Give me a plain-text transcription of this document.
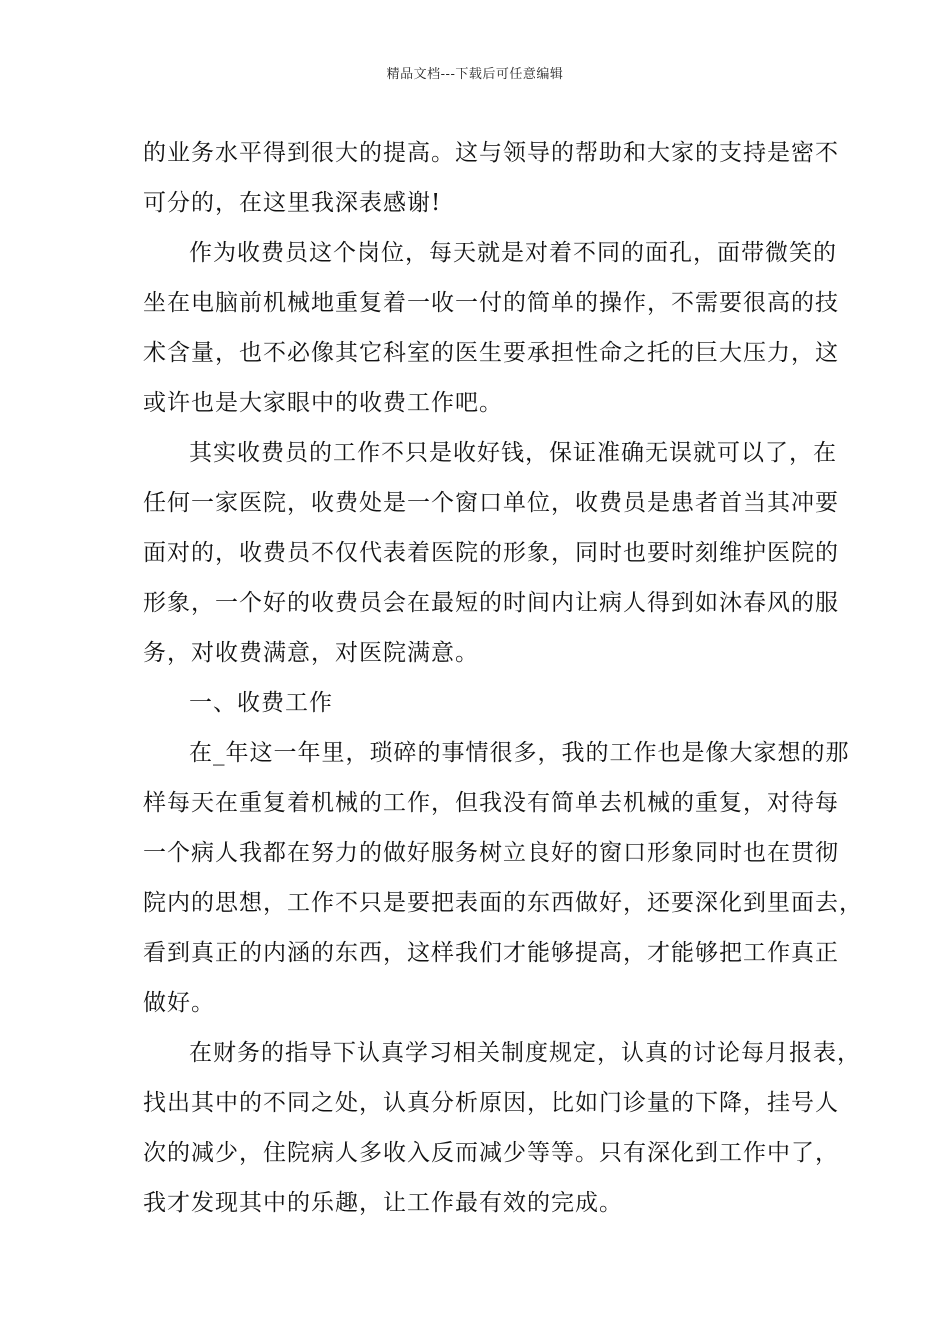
精品文档---下载后可任意编辑
的业务水平得到很大的提高。这与领导的帮助和大家的支持是密不
可分的，在这里我深表感谢!
作为收费员这个岗位，每天就是对着不同的面孔，面带微笑的
坐在电脑前机械地重复着一收一付的简单的操作，不需要很高的技
术含量，也不必像其它科室的医生要承担性命之托的巨大压力，这
或许也是大家眼中的收费工作吧。
其实收费员的工作不只是收好钱，保证准确无误就可以了，在
任何一家医院，收费处是一个窗口单位，收费员是患者首当其冲要
面对的，收费员不仅代表着医院的形象，同时也要时刻维护医院的
形象，一个好的收费员会在最短的时间内让病人得到如沐春风的服
务，对收费满意，对医院满意。
一、收费工作
在_年这一年里，琐碎的事情很多，我的工作也是像大家想的那
样每天在重复着机械的工作，但我没有简单去机械的重复，对待每
一个病人我都在努力的做好服务树立良好的窗口形象同时也在贯彻
院内的思想，工作不只是要把表面的东西做好，还要深化到里面去，
看到真正的内涵的东西，这样我们才能够提高，才能够把工作真正
做好。
在财务的指导下认真学习相关制度规定，认真的讨论每月报表，
找出其中的不同之处，认真分析原因，比如门诊量的下降，挂号人
次的减少，住院病人多收入反而减少等等。只有深化到工作中了，
我才发现其中的乐趣，让工作最有效的完成。
